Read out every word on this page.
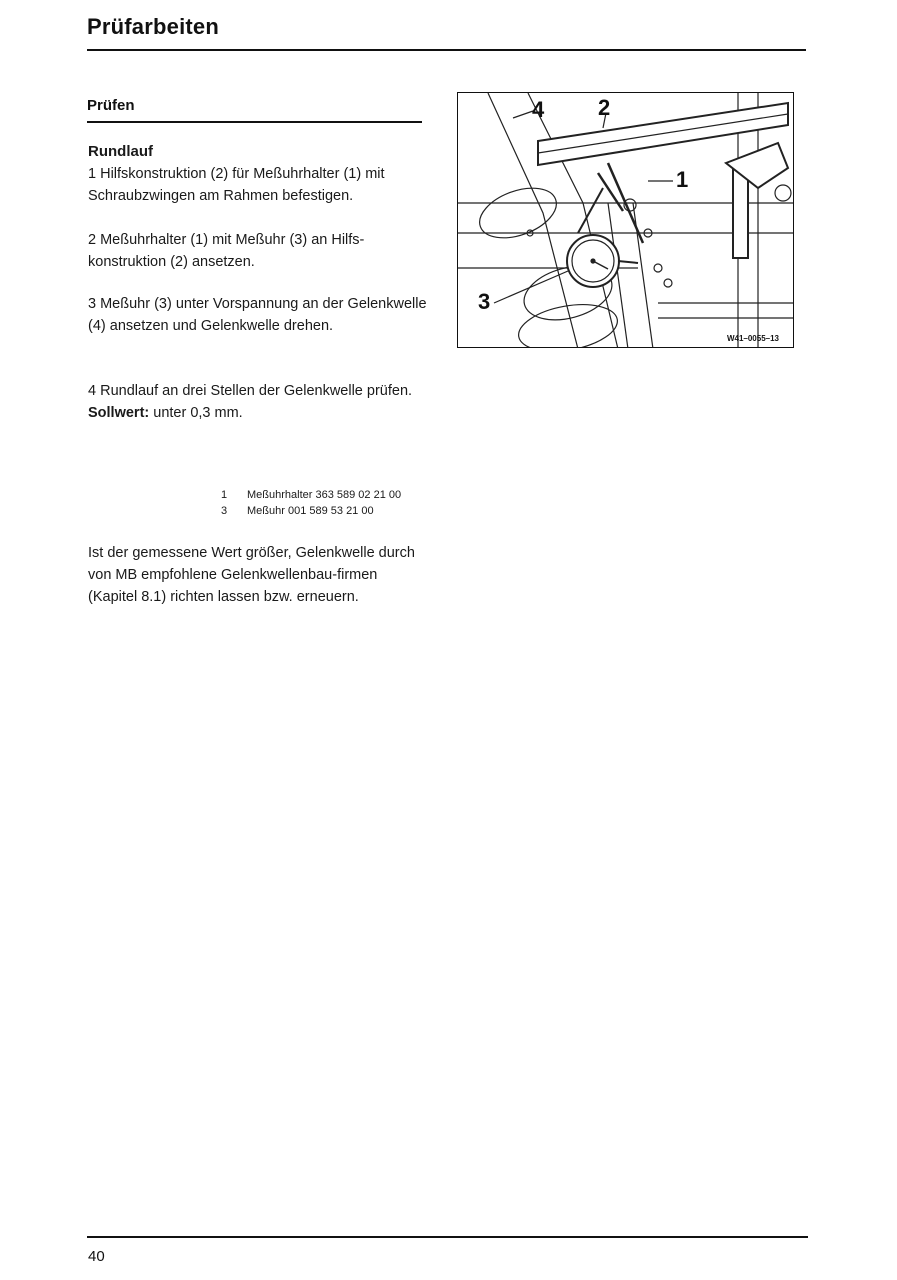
Prüfarbeiten
Prüfen
Rundlauf
1 Hilfskonstruktion (2) für Meßuhrhalter (1) mit Schraubzwingen am Rahmen befestigen.
2 Meßuhrhalter (1) mit Meßuhr (3) an Hilfs-konstruktion (2) ansetzen.
3 Meßuhr (3) unter Vorspannung an der Gelenkwelle (4) ansetzen und Gelenkwelle drehen.
4 Rundlauf an drei Stellen der Gelenkwelle prüfen.
Sollwert: unter 0,3 mm.
1	Meßuhrhalter 363 589 02 21 00
3	Meßuhr 001 589 53 21 00
Ist der gemessene Wert größer, Gelenkwelle durch von MB empfohlene Gelenkwellenbau-firmen (Kapitel 8.1) richten lassen bzw. erneuern.
4 2
1
3
W41–0055–13
40
